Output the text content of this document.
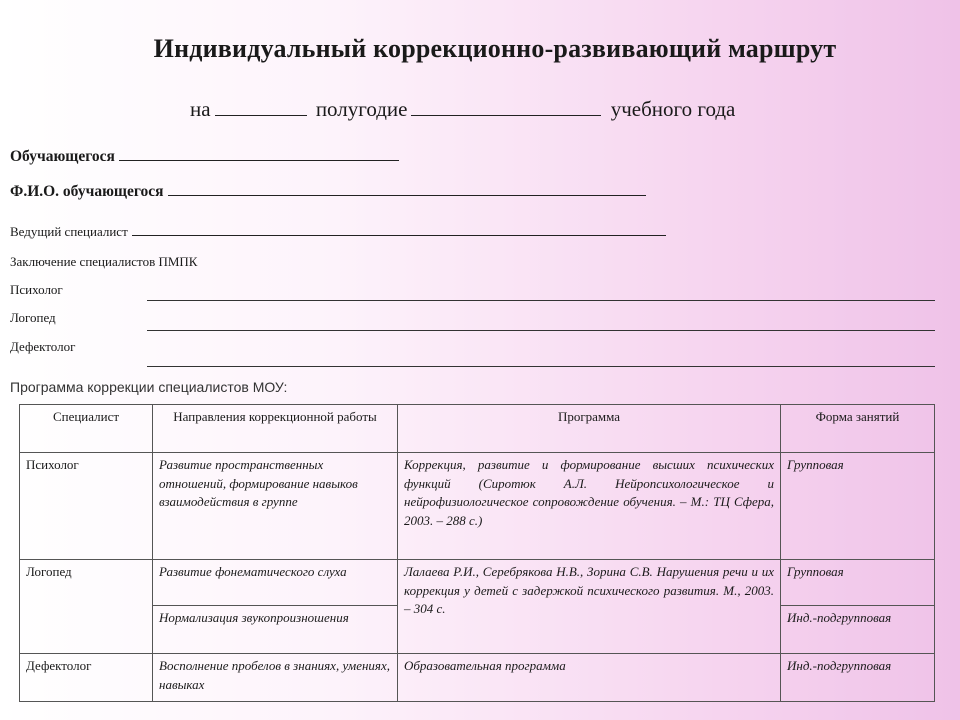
Индивидуальный коррекционно-развивающий маршрут
на	полугодие	учебного года
Обучающегося
Ф.И.О. обучающегося
Ведущий специалист
Заключение специалистов ПМПК
Психолог
Логопед
Дефектолог
Программа коррекции специалистов МОУ:
Специалист	Направления коррекционной работы	Программа	Форма занятий
Психолог	Развитие пространственных отношений, формирование навыков взаимодействия в группе	Коррекция, развитие и формирование высших психических функций (Сиротюк А.Л. Нейропсихологическое и нейрофизиологическое сопровождение обучения. – М.: ТЦ Сфера, 2003. – 288 с.)	Групповая
Логопед	Развитие фонематического слуха	Лалаева Р.И., Серебрякова Н.В., Зорина С.В. Нарушения речи и их коррекция у детей с задержкой психического развития. М., 2003. – 304 с.	Групповая
	Нормализация звукопроизношения		Инд.-подгрупповая
Дефектолог	Восполнение пробелов в знаниях, умениях, навыках	Образовательная программа	Инд.-подгрупповая
